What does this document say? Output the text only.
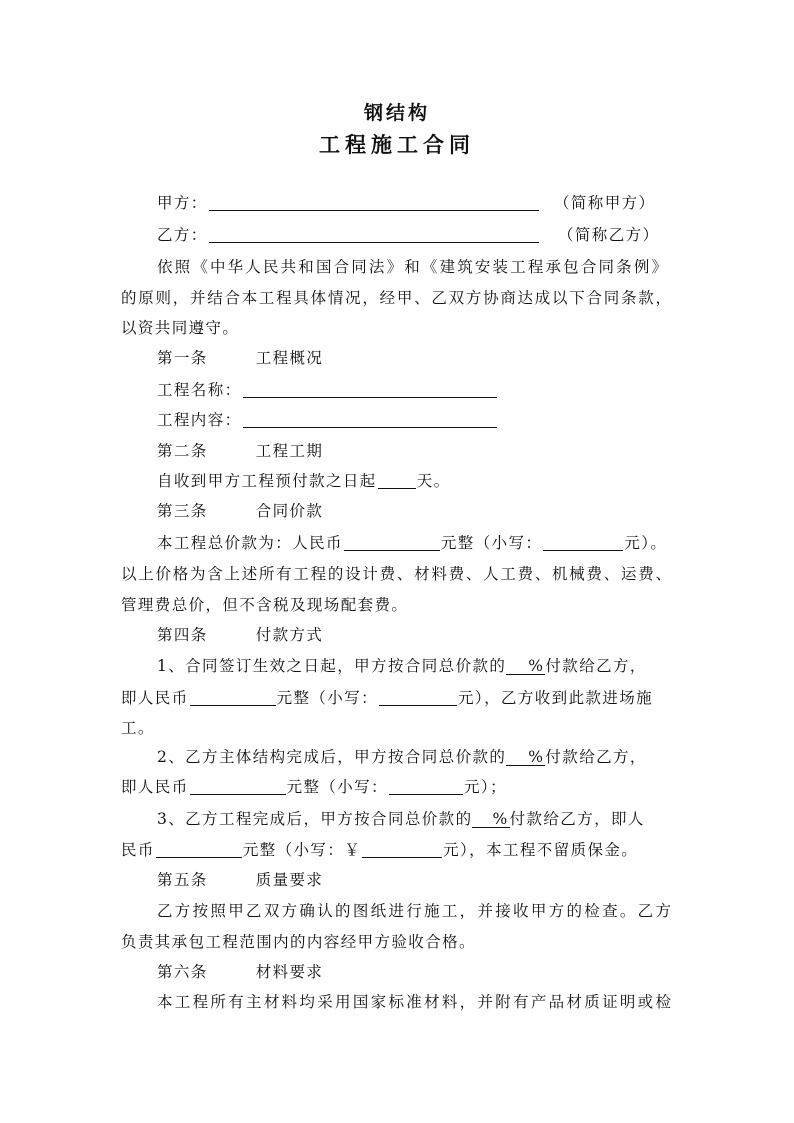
钢结构
工程施工合同
甲方：	（简称甲方）
乙方：	（简称乙方）
依照《中华人民共和国合同法》和《建筑安装工程承包合同条例》
的原则，并结合本工程具体情况，经甲、乙双方协商达成以下合同条款，
以资共同遵守。
第一条	工程概况
工程名称：
工程内容：
第二条	工程工期
自收到甲方工程预付款之日起	天。
第三条	合同价款
本工程总价款为：人民币	元整（小写：	元）。
以上价格为含上述所有工程的设计费、材料费、人工费、机械费、运费、
管理费总价，但不含税及现场配套费。
第四条	付款方式
1、合同签订生效之日起，甲方按合同总价款的 %付款给乙方，
即人民币	元整（小写：	元），乙方收到此款进场施
工。
2、乙方主体结构完成后，甲方按合同总价款的 %付款给乙方，
即人民币	元整（小写：	元）；
3、乙方工程完成后，甲方按合同总价款的 %付款给乙方，即人
民币	元整（小写：￥	元），本工程不留质保金。
第五条	质量要求
乙方按照甲乙双方确认的图纸进行施工，并接收甲方的检查。乙方
负责其承包工程范围内的内容经甲方验收合格。
第六条	材料要求
本工程所有主材料均采用国家标准材料，并附有产品材质证明或检
